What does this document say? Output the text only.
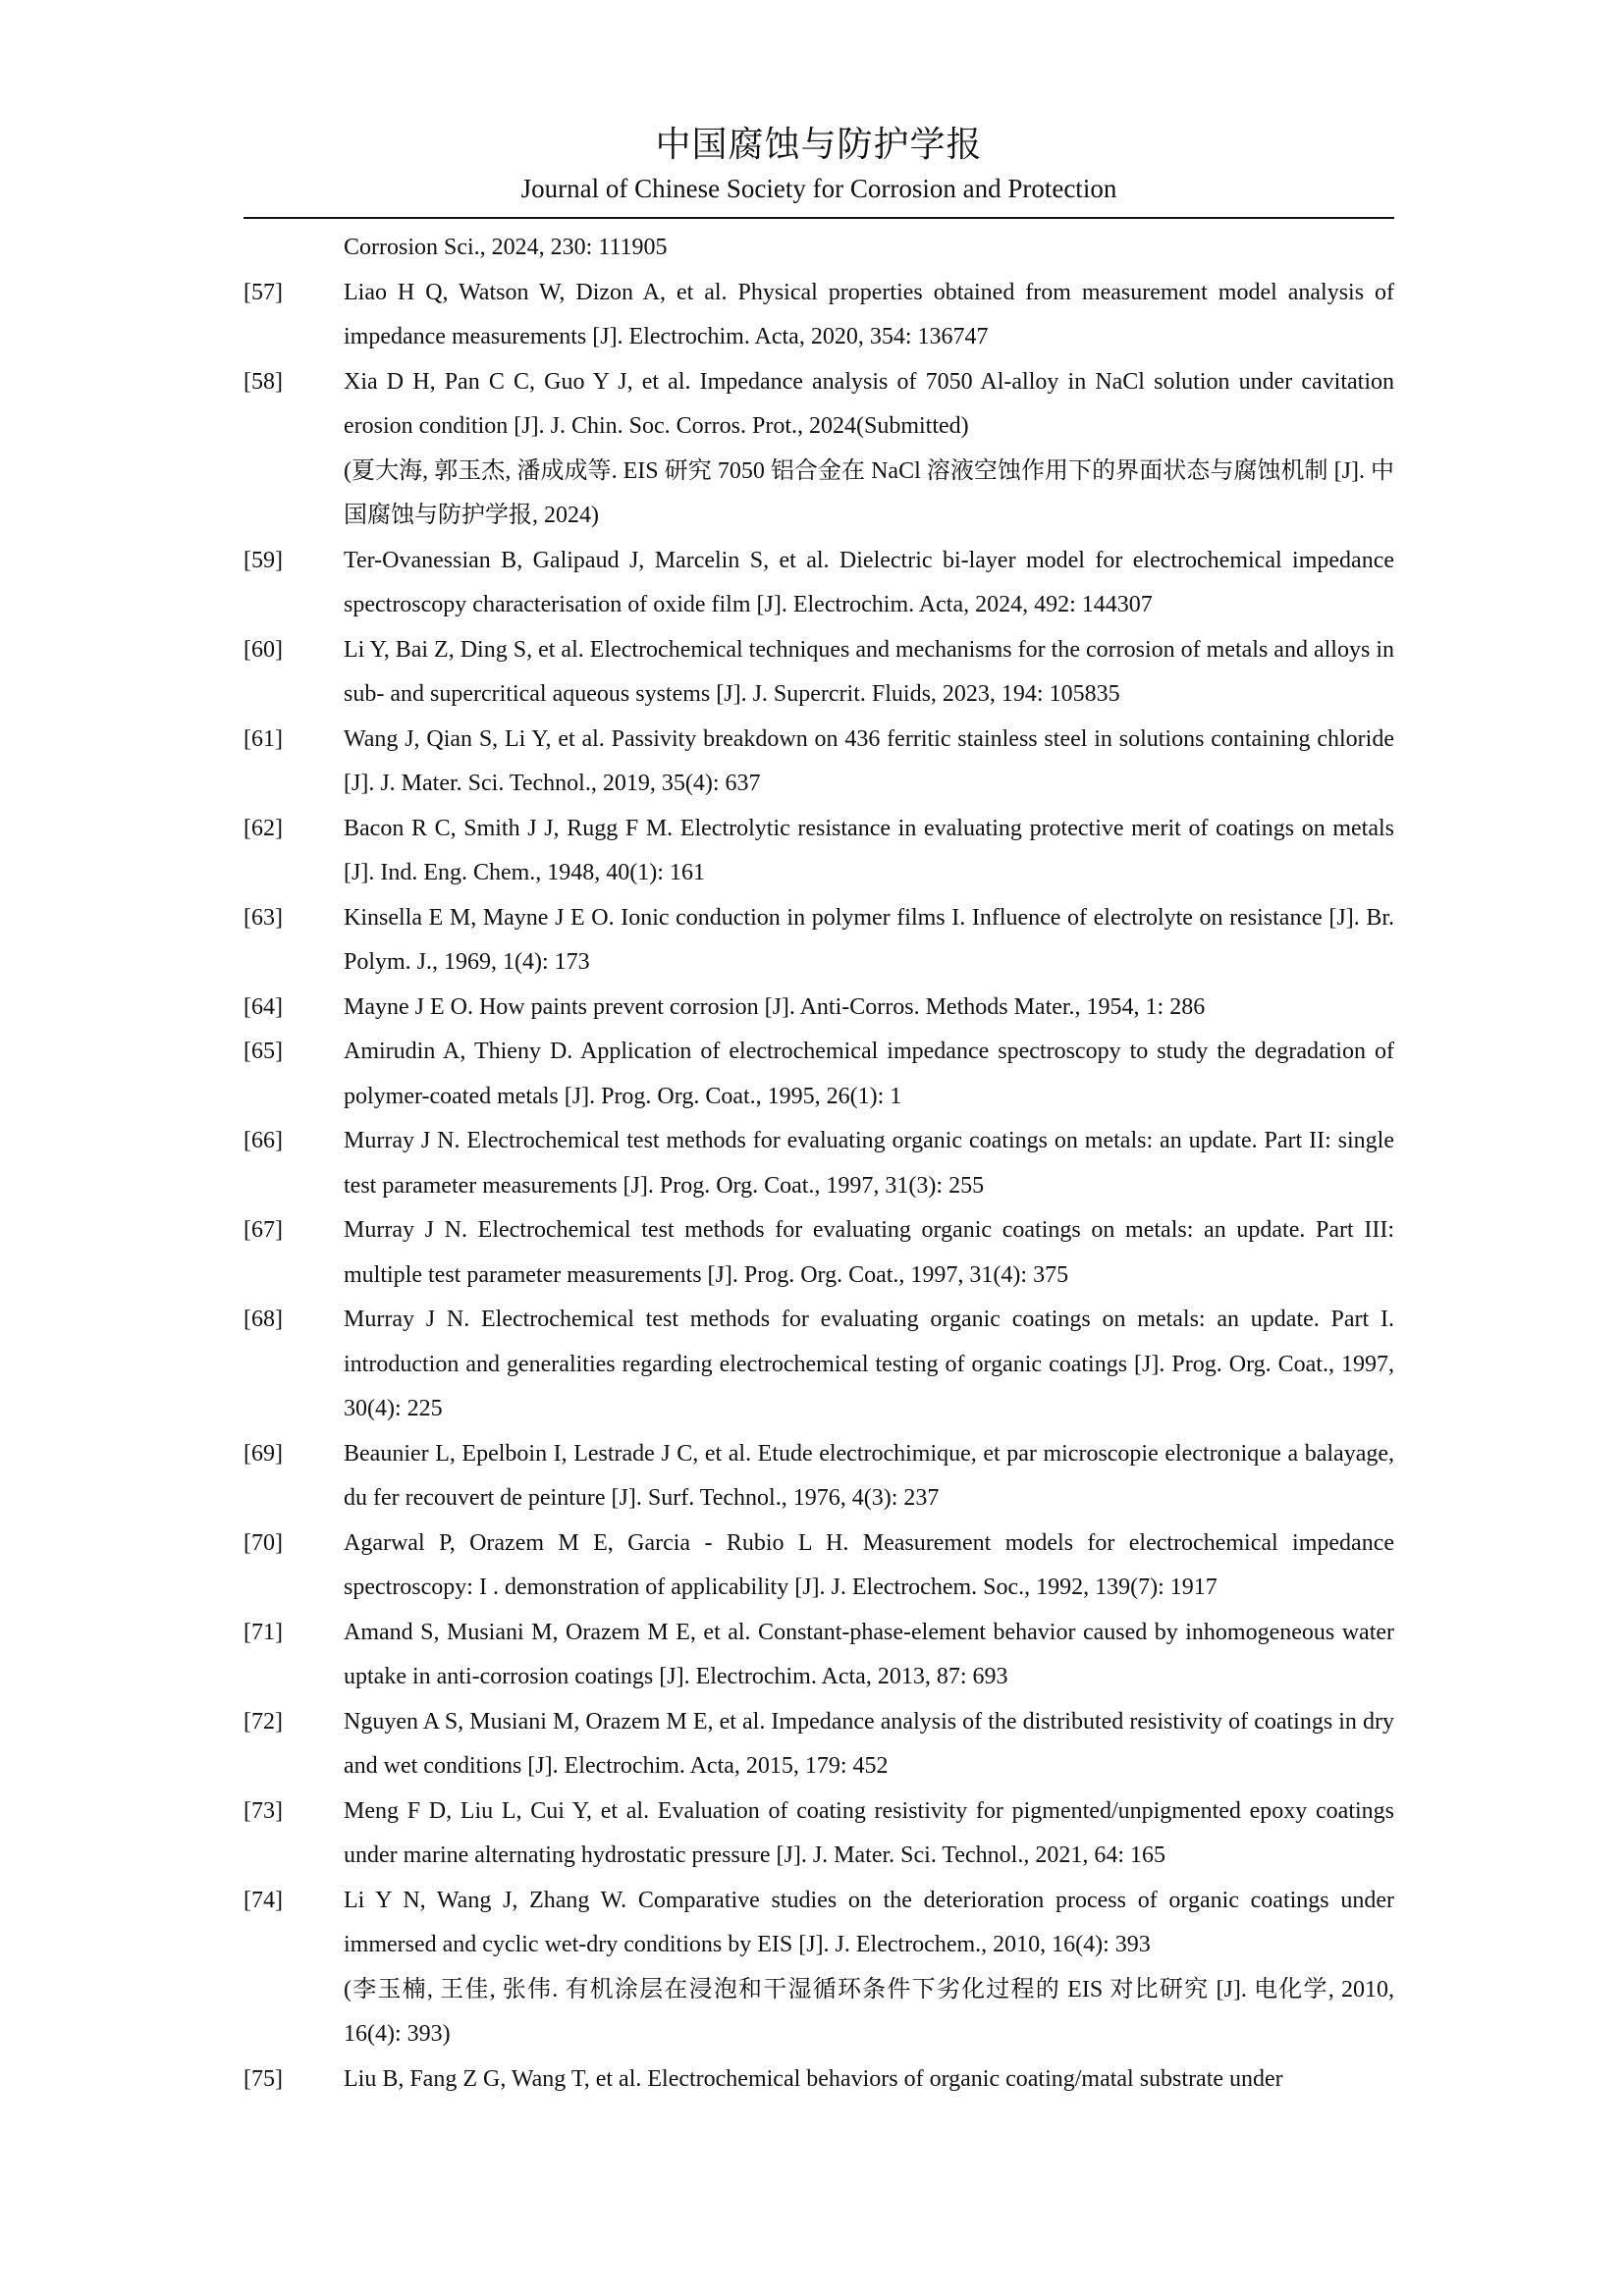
中国腐蚀与防护学报
Journal of Chinese Society for Corrosion and Protection
Corrosion Sci., 2024, 230: 111905
[57]	Liao H Q, Watson W, Dizon A, et al. Physical properties obtained from measurement model analysis of impedance measurements [J]. Electrochim. Acta, 2020, 354: 136747
[58]	Xia D H, Pan C C, Guo Y J, et al. Impedance analysis of 7050 Al-alloy in NaCl solution under cavitation erosion condition [J]. J. Chin. Soc. Corros. Prot., 2024(Submitted)
(夏大海, 郭玉杰, 潘成成等. EIS 研究 7050 铝合金在 NaCl 溶液空蚀作用下的界面状态与腐蚀机制 [J]. 中国腐蚀与防护学报, 2024)
[59]	Ter-Ovanessian B, Galipaud J, Marcelin S, et al. Dielectric bi-layer model for electrochemical impedance spectroscopy characterisation of oxide film [J]. Electrochim. Acta, 2024, 492: 144307
[60]	Li Y, Bai Z, Ding S, et al. Electrochemical techniques and mechanisms for the corrosion of metals and alloys in sub- and supercritical aqueous systems [J]. J. Supercrit. Fluids, 2023, 194: 105835
[61]	Wang J, Qian S, Li Y, et al. Passivity breakdown on 436 ferritic stainless steel in solutions containing chloride [J]. J. Mater. Sci. Technol., 2019, 35(4): 637
[62]	Bacon R C, Smith J J, Rugg F M. Electrolytic resistance in evaluating protective merit of coatings on metals [J]. Ind. Eng. Chem., 1948, 40(1): 161
[63]	Kinsella E M, Mayne J E O. Ionic conduction in polymer films I. Influence of electrolyte on resistance [J]. Br. Polym. J., 1969, 1(4): 173
[64]	Mayne J E O. How paints prevent corrosion [J]. Anti-Corros. Methods Mater., 1954, 1: 286
[65]	Amirudin A, Thieny D. Application of electrochemical impedance spectroscopy to study the degradation of polymer-coated metals [J]. Prog. Org. Coat., 1995, 26(1): 1
[66]	Murray J N. Electrochemical test methods for evaluating organic coatings on metals: an update. Part II: single test parameter measurements [J]. Prog. Org. Coat., 1997, 31(3): 255
[67]	Murray J N. Electrochemical test methods for evaluating organic coatings on metals: an update. Part III: multiple test parameter measurements [J]. Prog. Org. Coat., 1997, 31(4): 375
[68]	Murray J N. Electrochemical test methods for evaluating organic coatings on metals: an update. Part I. introduction and generalities regarding electrochemical testing of organic coatings [J]. Prog. Org. Coat., 1997, 30(4): 225
[69]	Beaunier L, Epelboin I, Lestrade J C, et al. Etude electrochimique, et par microscopie electronique a balayage, du fer recouvert de peinture [J]. Surf. Technol., 1976, 4(3): 237
[70]	Agarwal P, Orazem M E, Garcia - Rubio L H. Measurement models for electrochemical impedance spectroscopy: I . demonstration of applicability [J]. J. Electrochem. Soc., 1992, 139(7): 1917
[71]	Amand S, Musiani M, Orazem M E, et al. Constant-phase-element behavior caused by inhomogeneous water uptake in anti-corrosion coatings [J]. Electrochim. Acta, 2013, 87: 693
[72]	Nguyen A S, Musiani M, Orazem M E, et al. Impedance analysis of the distributed resistivity of coatings in dry and wet conditions [J]. Electrochim. Acta, 2015, 179: 452
[73]	Meng F D, Liu L, Cui Y, et al. Evaluation of coating resistivity for pigmented/unpigmented epoxy coatings under marine alternating hydrostatic pressure [J]. J. Mater. Sci. Technol., 2021, 64: 165
[74]	Li Y N, Wang J, Zhang W. Comparative studies on the deterioration process of organic coatings under immersed and cyclic wet-dry conditions by EIS [J]. J. Electrochem., 2010, 16(4): 393
(李玉楠, 王佳, 张伟. 有机涂层在浸泡和干湿循环条件下劣化过程的 EIS 对比研究 [J]. 电化学, 2010, 16(4): 393)
[75]	Liu B, Fang Z G, Wang T, et al. Electrochemical behaviors of organic coating/matal substrate under
